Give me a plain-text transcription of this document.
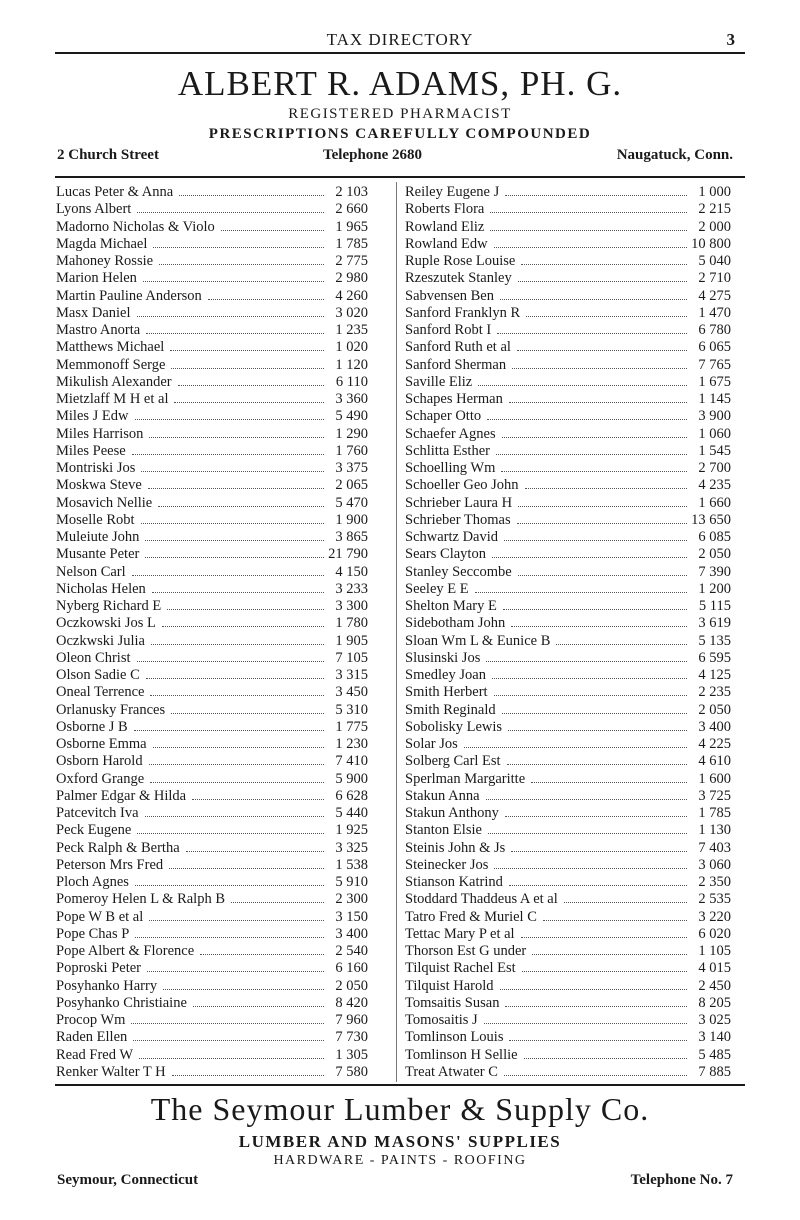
TAX DIRECTORY	3
ALBERT R. ADAMS, PH. G.
REGISTERED PHARMACIST
PRESCRIPTIONS CAREFULLY COMPOUNDED
2 Church Street	Telephone 2680	Naugatuck, Conn.
Lucas Peter & Anna	2 103
Lyons Albert	2 660
Madorno Nicholas & Violo	1 965
Magda Michael	1 785
Mahoney Rossie	2 775
Marion Helen	2 980
Martin Pauline Anderson	4 260
Masx Daniel	3 020
Mastro Anorta	1 235
Matthews Michael	1 020
Memmonoff Serge	1 120
Mikulish Alexander	6 110
Mietzlaff M H et al	3 360
Miles J Edw	5 490
Miles Harrison	1 290
Miles Peese	1 760
Montriski Jos	3 375
Moskwa Steve	2 065
Mosavich Nellie	5 470
Moselle Robt	1 900
Muleiute John	3 865
Musante Peter	21 790
Nelson Carl	4 150
Nicholas Helen	3 233
Nyberg Richard E	3 300
Oczkowski Jos L	1 780
Oczkwski Julia	1 905
Oleon Christ	7 105
Olson Sadie C	3 315
Oneal Terrence	3 450
Orlanusky Frances	5 310
Osborne J B	1 775
Osborne Emma	1 230
Osborn Harold	7 410
Oxford Grange	5 900
Palmer Edgar & Hilda	6 628
Patcevitch Iva	5 440
Peck Eugene	1 925
Peck Ralph & Bertha	3 325
Peterson Mrs Fred	1 538
Ploch Agnes	5 910
Pomeroy Helen L & Ralph B	2 300
Pope W B et al	3 150
Pope Chas P	3 400
Pope Albert & Florence	2 540
Poproski Peter	6 160
Posyhanko Harry	2 050
Posyhanko Christiaine	8 420
Procop Wm	7 960
Raden Ellen	7 730
Read Fred W	1 305
Renker Walter T H	7 580
Reiley Eugene J	1 000
Roberts Flora	2 215
Rowland Eliz	2 000
Rowland Edw	10 800
Ruple Rose Louise	5 040
Rzeszutek Stanley	2 710
Sabvensen Ben	4 275
Sanford Franklyn R	1 470
Sanford Robt I	6 780
Sanford Ruth et al	6 065
Sanford Sherman	7 765
Saville Eliz	1 675
Schapes Herman	1 145
Schaper Otto	3 900
Schaefer Agnes	1 060
Schlitta Esther	1 545
Schoelling Wm	2 700
Schoeller Geo John	4 235
Schrieber Laura H	1 660
Schrieber Thomas	13 650
Schwartz David	6 085
Sears Clayton	2 050
Stanley Seccombe	7 390
Seeley E E	1 200
Shelton Mary E	5 115
Sidebotham John	3 619
Sloan Wm L & Eunice B	5 135
Slusinski Jos	6 595
Smedley Joan	4 125
Smith Herbert	2 235
Smith Reginald	2 050
Sobolisky Lewis	3 400
Solar Jos	4 225
Solberg Carl Est	4 610
Sperlman Margaritte	1 600
Stakun Anna	3 725
Stakun Anthony	1 785
Stanton Elsie	1 130
Steinis John & Js	7 403
Steinecker Jos	3 060
Stianson Katrind	2 350
Stoddard Thaddeus A et al	2 535
Tatro Fred & Muriel C	3 220
Tettac Mary P et al	6 020
Thorson Est G under	1 105
Tilquist Rachel Est	4 015
Tilquist Harold	2 450
Tomsaitis Susan	8 205
Tomosaitis J	3 025
Tomlinson Louis	3 140
Tomlinson H Sellie	5 485
Treat Atwater C	7 885
The Seymour Lumber & Supply Co.
LUMBER AND MASONS' SUPPLIES
HARDWARE - PAINTS - ROOFING
Seymour, Connecticut	Telephone No. 7
